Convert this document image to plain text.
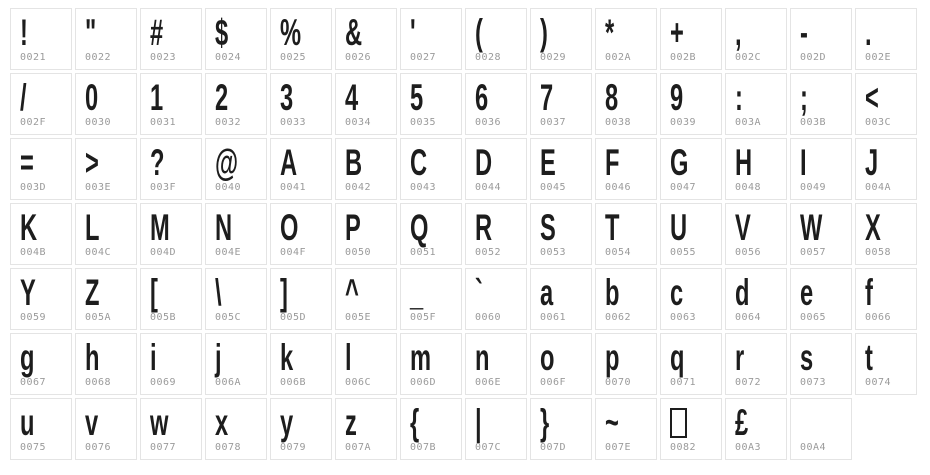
!
0021
"
0022
#
0023
$
0024
%
0025
&
0026
'
0027
(
0028
)
0029
*
002A
+
002B
,
002C
-
002D
.
002E
/
002F
0
0030
1
0031
2
0032
3
0033
4
0034
5
0035
6
0036
7
0037
8
0038
9
0039
:
003A
;
003B
<
003C
=
003D
>
003E
?
003F
@
0040
A
0041
B
0042
C
0043
D
0044
E
0045
F
0046
G
0047
H
0048
I
0049
J
004A
K
004B
L
004C
M
004D
N
004E
O
004F
P
0050
Q
0051
R
0052
S
0053
T
0054
U
0055
V
0056
W
0057
X
0058
Y
0059
Z
005A
[
005B
\
005C
]
005D
^
005E
_
005F
`
0060
a
0061
b
0062
c
0063
d
0064
e
0065
f
0066
g
0067
h
0068
i
0069
j
006A
k
006B
l
006C
m
006D
n
006E
o
006F
p
0070
q
0071
r
0072
s
0073
t
0074
u
0075
v
0076
w
0077
x
0078
y
0079
z
007A
{
007B
|
007C
}
007D
~
007E	0082
£
00A3	00A4
